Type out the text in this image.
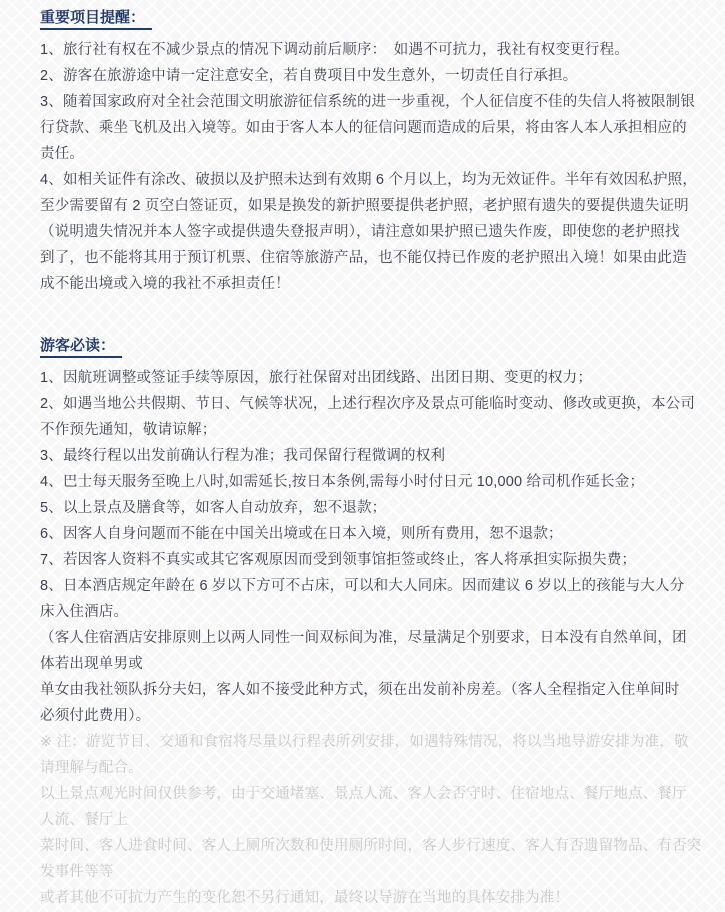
重要项目提醒：

1、旅行社有权在不减少景点的情况下调动前后顺序：　如遇不可抗力，我社有权变更行程。

2、游客在旅游途中请一定注意安全，若自费项目中发生意外，一切责任自行承担。

3、随着国家政府对全社会范围文明旅游征信系统的进一步重视，个人征信度不佳的失信人将被限制银

行贷款、乘坐飞机及出入境等。如由于客人本人的征信问题而造成的后果，将由客人本人承担相应的

责任。

4、如相关证件有涂改、破损以及护照未达到有效期 6 个月以上，均为无效证件。半年有效因私护照，

至少需要留有 2 页空白签证页，如果是换发的新护照要提供老护照，老护照有遗失的要提供遗失证明

（说明遗失情况并本人签字或提供遗失登报声明），请注意如果护照已遗失作废，即使您的老护照找

到了，也不能将其用于预订机票、住宿等旅游产品，也不能仅持已作废的老护照出入境！如果由此造

成不能出境或入境的我社不承担责任！

游客必读：

1、因航班调整或签证手续等原因，旅行社保留对出团线路、出团日期、变更的权力；

2、如遇当地公共假期、节日、气候等状况，上述行程次序及景点可能临时变动、修改或更换，本公司

不作预先通知，敬请谅解；

3、最终行程以出发前确认行程为准；我司保留行程微调的权利

4、巴士每天服务至晚上八时,如需延长,按日本条例,需每小时付日元 10,000 给司机作延长金；

5、以上景点及膳食等，如客人自动放弃，恕不退款；

6、因客人自身问题而不能在中国关出境或在日本入境，则所有费用，恕不退款；

7、若因客人资料不真实或其它客观原因而受到领事馆拒签或终止，客人将承担实际损失费；

8、日本酒店规定年龄在 6 岁以下方可不占床，可以和大人同床。因而建议 6 岁以上的孩能与大人分

床入住酒店。

（客人住宿酒店安排原则上以两人同性一间双标间为准，尽量满足个别要求，日本没有自然单间，团

体若出现单男或

单女由我社领队拆分夫妇，客人如不接受此种方式，须在出发前补房差。（客人全程指定入住单间时

必须付此费用）。

※ 注：游览节目、交通和食宿将尽量以行程表所列安排，如遇特殊情况，将以当地导游安排为准，敬

请理解与配合。

以上景点观光时间仅供参考，由于交通堵塞、景点人流、客人会否守时、住宿地点、餐厅地点、餐厅

人流、餐厅上

菜时间、客人进食时间、客人上厕所次数和使用厕所时间，客人步行速度、客人有否遗留物品、有否突

发事件等等

或者其他不可抗力产生的变化恕不另行通知，最终以导游在当地的具体安排为准！
